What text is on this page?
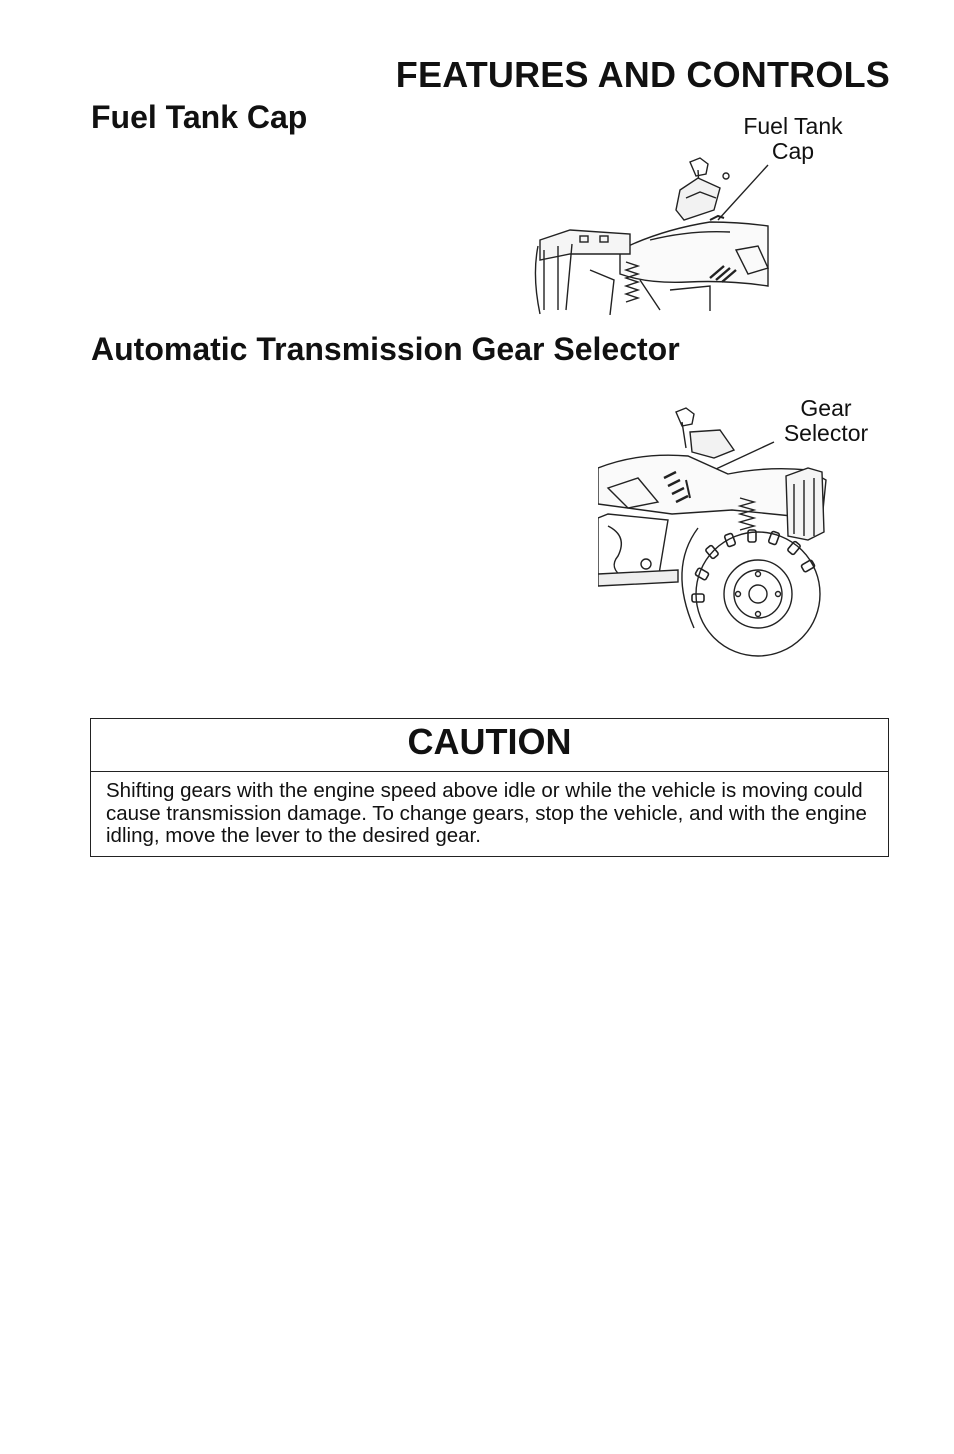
FEATURES AND CONTROLS
Fuel Tank Cap	Fuel Tank
Cap
Automatic Transmission Gear Selector
Gear
Selector
CAUTION

Shifting gears with the engine speed above idle or while the vehicle is moving could cause transmission damage. To change gears, stop the vehicle, and with the engine idling, move the lever to the desired gear.
